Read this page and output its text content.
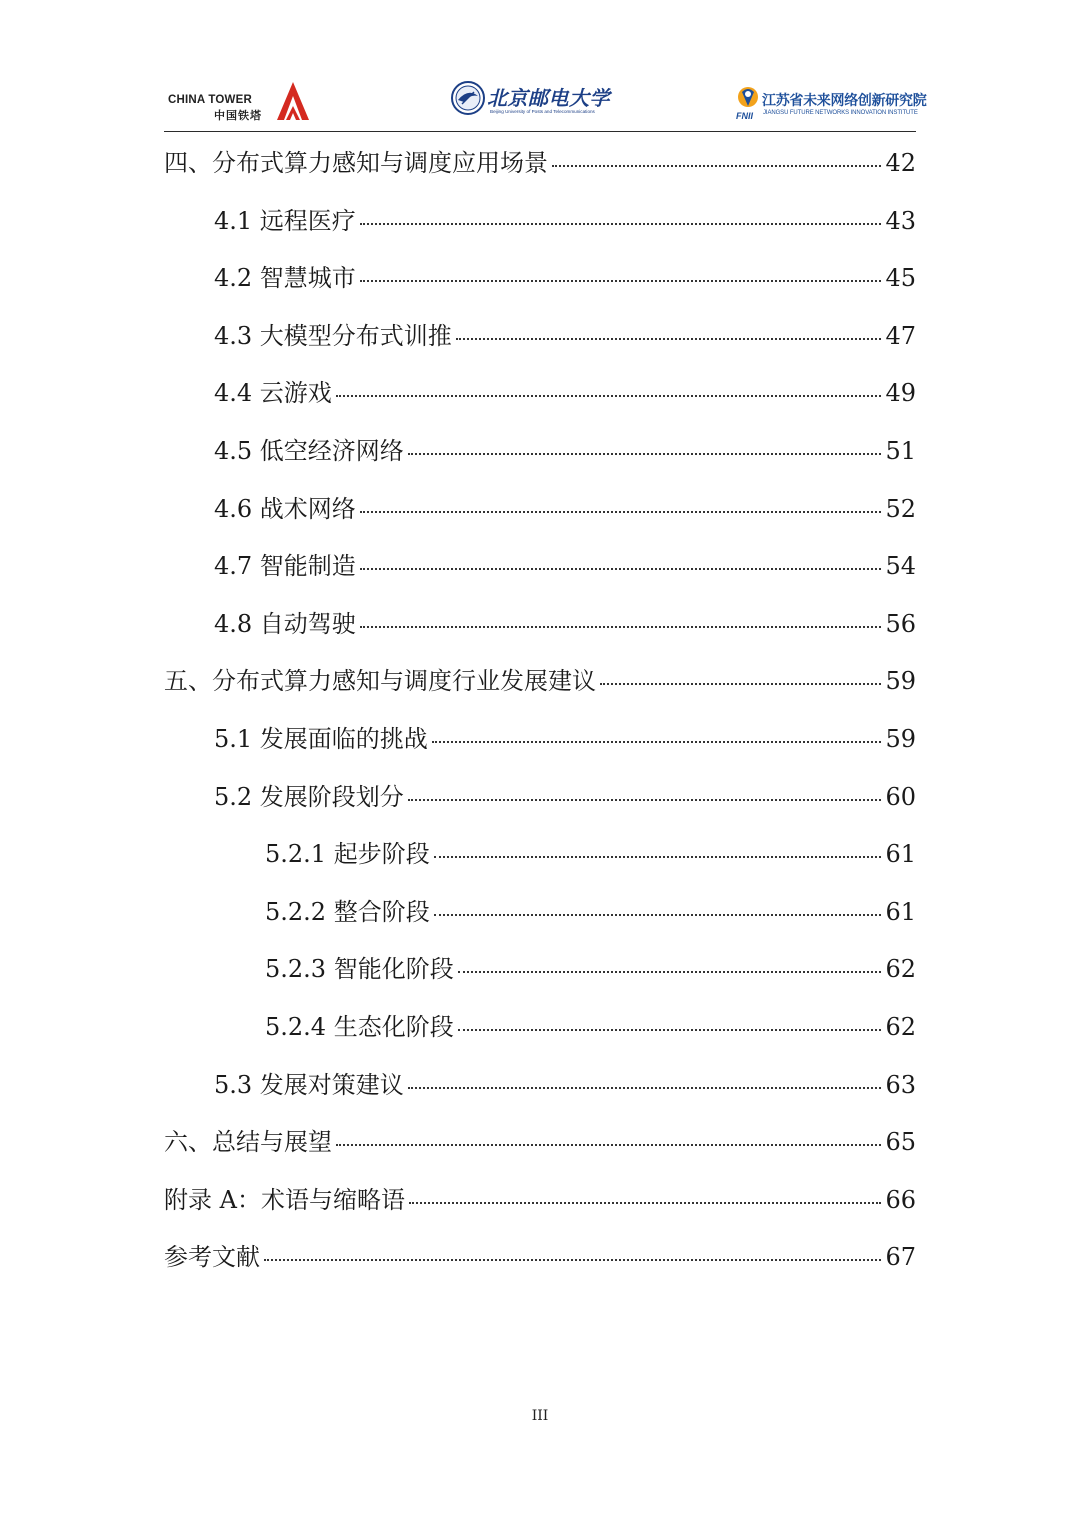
CHINA TOWER
中国铁塔
北京邮电大学
Beijing University of Posts and Telecommunications	FNII
江苏省未来网络创新研究院
JIANGSU FUTURE NETWORKS INNOVATION INSTITUTE
四、分布式算力感知与调度应用场景	42
4.1 远程医疗	43
4.2 智慧城市	45
4.3 大模型分布式训推	47
4.4 云游戏	49
4.5 低空经济网络	51
4.6 战术网络	52
4.7 智能制造	54
4.8 自动驾驶	56
五、分布式算力感知与调度行业发展建议	59
5.1 发展面临的挑战	59
5.2 发展阶段划分	60
5.2.1 起步阶段	61
5.2.2 整合阶段	61
5.2.3 智能化阶段	62
5.2.4 生态化阶段	62
5.3 发展对策建议	63
六、总结与展望	65
附录 A：术语与缩略语	66
参考文献	67
III
